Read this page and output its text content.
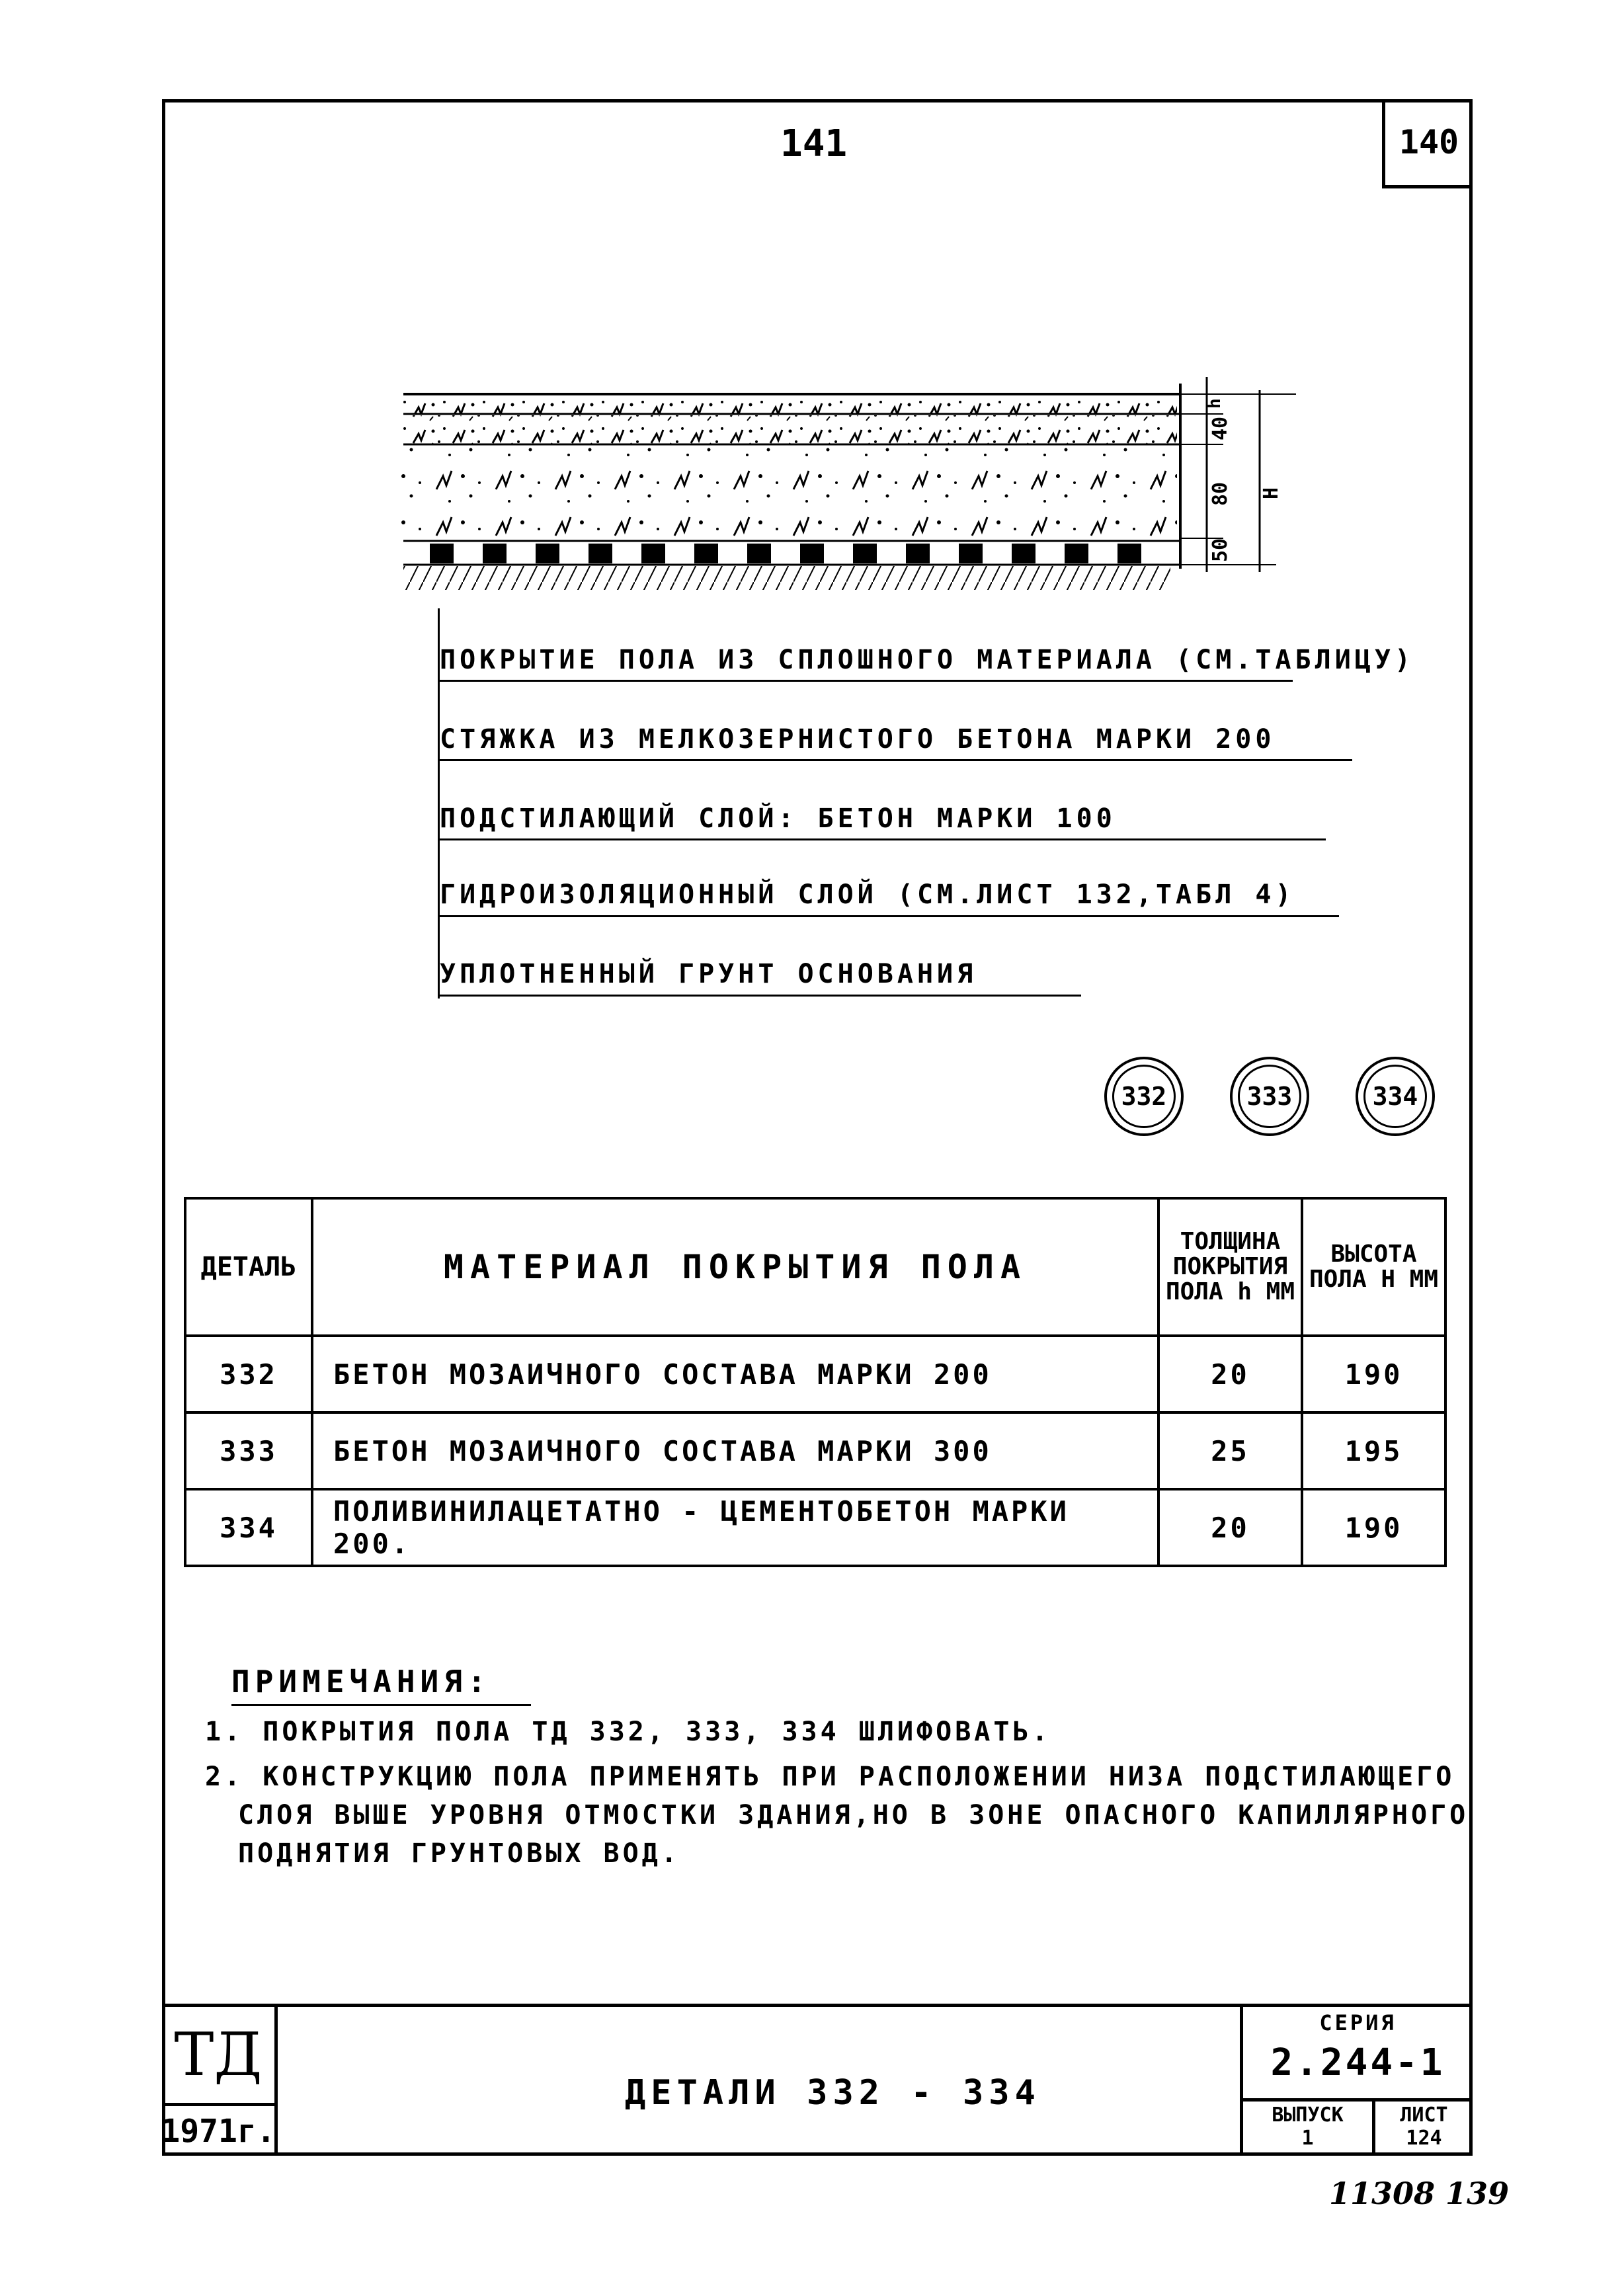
140
141
h
40
80
50
Н
ПОКРЫТИЕ ПОЛА ИЗ СПЛОШНОГО МАТЕРИАЛА (СМ.ТАБЛИЦУ)
СТЯЖКА ИЗ МЕЛКОЗЕРНИСТОГО БЕТОНА МАРКИ 200
ПОДСТИЛАЮЩИЙ СЛОЙ: БЕТОН МАРКИ 100
ГИДРОИЗОЛЯЦИОННЫЙ СЛОЙ (СМ.ЛИСТ 132,ТАБЛ 4)
УПЛОТНЕННЫЙ ГРУНТ ОСНОВАНИЯ
332	333	334
ДЕТАЛЬ	МАТЕРИАЛ ПОКРЫТИЯ ПОЛА	ТОЛЩИНА ПОКРЫТИЯ ПОЛА h ММ	ВЫСОТА ПОЛА Н ММ
332	БЕТОН МОЗАИЧНОГО СОСТАВА МАРКИ 200	20	190
333	БЕТОН МОЗАИЧНОГО СОСТАВА МАРКИ 300	25	195
334	ПОЛИВИНИЛАЦЕТАТНО - ЦЕМЕНТОБЕТОН МАРКИ 200.	20	190
ПРИМЕЧАНИЯ:
1. ПОКРЫТИЯ ПОЛА ТД 332, 333, 334 ШЛИФОВАТЬ.
2. КОНСТРУКЦИЮ ПОЛА ПРИМЕНЯТЬ ПРИ РАСПОЛОЖЕНИИ НИЗА ПОДСТИЛАЮЩЕГО
СЛОЯ ВЫШЕ УРОВНЯ ОТМОСТКИ ЗДАНИЯ,НО В ЗОНЕ ОПАСНОГО КАПИЛЛЯРНОГО
ПОДНЯТИЯ ГРУНТОВЫХ ВОД.
ТД
1971г.
ДЕТАЛИ 332 - 334
СЕРИЯ
2.244-1
ВЫПУСК
1
ЛИСТ
124
11308 139
